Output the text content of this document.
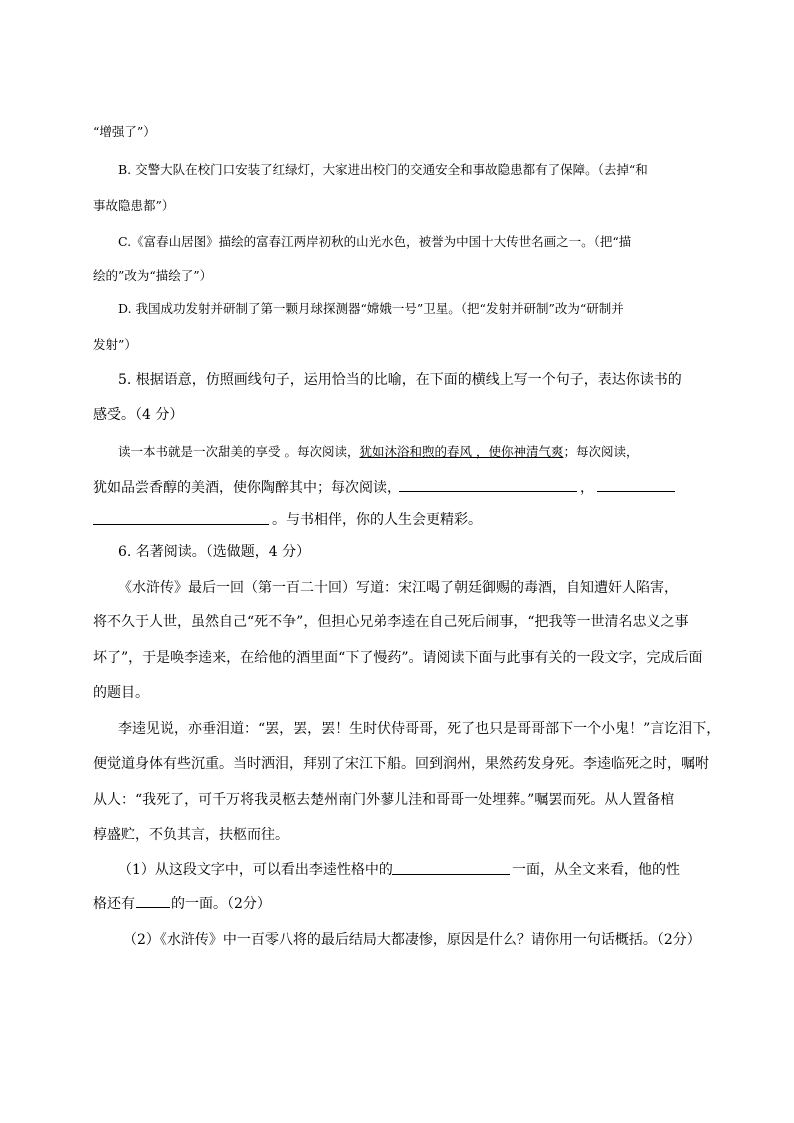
“增强了”）
B. 交警大队在校门口安装了红绿灯，大家进出校门的交通安全和事故隐患都有了保障。（去掉“和
事故隐患都”）
C.《富春山居图》描绘的富春江两岸初秋的山光水色，被誉为中国十大传世名画之一。（把“描
绘的”改为“描绘了”）
D. 我国成功发射并研制了第一颗月球探测器“嫦娥一号”卫星。（把“发射并研制”改为“研制并
发射”）
5. 根据语意，仿照画线句子，运用恰当的比喻，在下面的横线上写一个句子，表达你读书的
感受。（4 分）
读一本书就是一次甜美的享受 。每次阅读，犹如沐浴和煦的春风 ，使你神清气爽；每次阅读，
犹如品尝香醇的美酒，使你陶醉其中；每次阅读，	，
。与书相伴，你的人生会更精彩。
6. 名著阅读。（选做题，4 分）
《水浒传》最后一回（第一百二十回）写道：宋江喝了朝廷御赐的毒酒，自知遭奸人陷害，
将不久于人世，虽然自己“死不争”，但担心兄弟李逵在自己死后闹事，“把我等一世清名忠义之事
坏了”，于是唤李逵来，在给他的酒里面“下了慢药”。请阅读下面与此事有关的一段文字，完成后面
的题目。
李逵见说，亦垂泪道：“罢，罢，罢！生时伏侍哥哥，死了也只是哥哥部下一个小鬼！”言讫泪下，
便觉道身体有些沉重。当时洒泪，拜别了宋江下船。回到润州，果然药发身死。李逵临死之时，嘱咐
从人：“我死了，可千万将我灵柩去楚州南门外蓼儿洼和哥哥一处埋葬。”嘱罢而死。从人置备棺
椁盛贮，不负其言，扶柩而往。
（1）从这段文字中，可以看出李逵性格中的	一面，从全文来看，他的性
格还有	的一面。（2分）
（2）《水浒传》中一百零八将的最后结局大都凄惨，原因是什么？请你用一句话概括。（2分）
